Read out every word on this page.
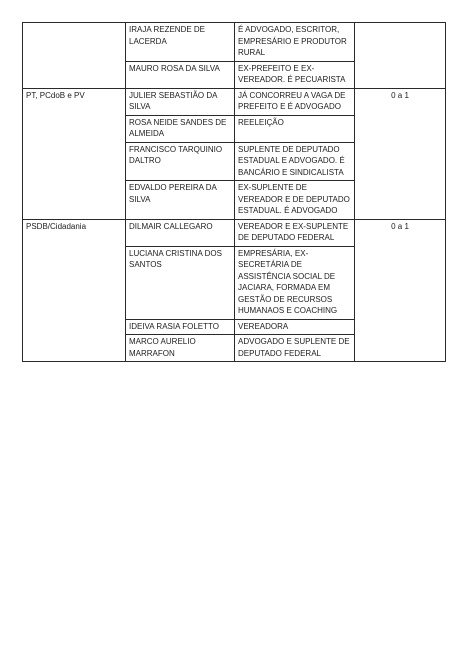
	IRAJA REZENDE DE LACERDA	É ADVOGADO, ESCRITOR, EMPRESÁRIO E PRODUTOR RURAL	

	MAURO ROSA DA SILVA	EX-PREFEITO E EX-VEREADOR. É PECUARISTA	

PT, PCdoB e PV	JULIER SEBASTIÃO DA SILVA	JÁ CONCORREU A VAGA DE PREFEITO E É ADVOGADO	0 a 1

	ROSA NEIDE SANDES DE ALMEIDA	REELEIÇÃO	

	FRANCISCO TARQUINIO DALTRO	SUPLENTE DE DEPUTADO ESTADUAL E ADVOGADO. É BANCÁRIO E SINDICALISTA	

	EDVALDO PEREIRA DA SILVA	EX-SUPLENTE DE VEREADOR E DE DEPUTADO ESTADUAL. É ADVOGADO	

PSDB/Cidadania	DILMAIR CALLEGARO	VEREADOR E EX-SUPLENTE DE DEPUTADO FEDERAL	0 a 1

	LUCIANA CRISTINA DOS SANTOS	EMPRESÁRIA, EX-SECRETÁRIA DE ASSISTÊNCIA SOCIAL DE JACIARA, FORMADA EM GESTÃO DE RECURSOS HUMANAOS E COACHING	

	IDEIVA RASIA FOLETTO	VEREADORA	

	MARCO AURELIO MARRAFON	ADVOGADO E SUPLENTE DE DEPUTADO FEDERAL	
